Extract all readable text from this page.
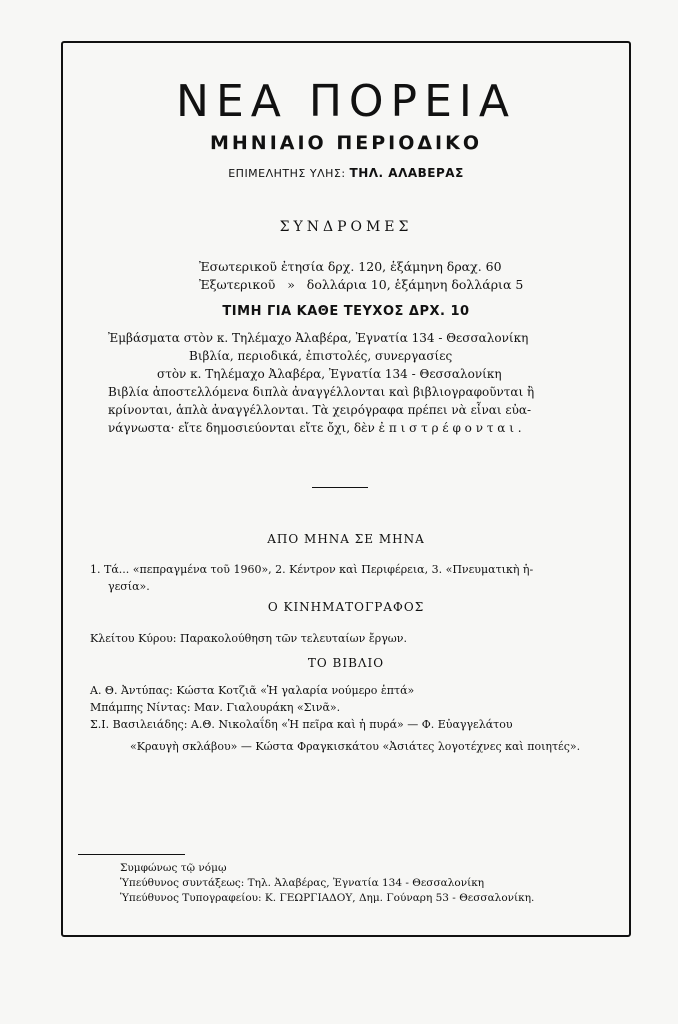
ΝΕΑ ΠΟΡΕΙΑ
ΜΗΝΙΑΙΟ ΠΕΡΙΟΔΙΚΟ
ΕΠΙΜΕΛΗΤΗΣ ΥΛΗΣ: ΤΗΛ. ΑΛΑΒΕΡΑΣ
ΣΥΝΔΡΟΜΕΣ
Ἐσωτερικοῦ ἐτησία δρχ. 120, ἑξάμηνη δραχ. 60
Ἐξωτερικοῦ   »   δολλάρια 10, ἑξάμηνη δολλάρια 5
ΤΙΜΗ ΓΙΑ ΚΑΘΕ ΤΕΥΧΟΣ ΔΡΧ. 10
Ἐμβάσματα στὸν κ. Τηλέμαχο Ἀλαβέρα, Ἐγνατία 134 - Θεσσαλονίκη
Βιβλία, περιοδικά, ἐπιστολές, συνεργασίες
στὸν κ. Τηλέμαχο Ἀλαβέρα, Ἐγνατία 134 - Θεσσαλονίκη
Βιβλία ἀποστελλόμενα διπλὰ ἀναγγέλλονται καὶ βιβλιογραφοῦνται ἢ
κρίνονται, ἁπλὰ ἀναγγέλλονται. Τὰ χειρόγραφα πρέπει νὰ εἶναι εὐα-
νάγνωστα· εἴτε δημοσιεύονται εἴτε ὄχι, δὲν ἐ π ι σ τ ρ έ φ ο ν τ α ι .
ΑΠΟ ΜΗΝΑ ΣΕ ΜΗΝΑ
1. Τά... «πεπραγμένα τοῦ 1960», 2. Κέντρον καὶ Περιφέρεια, 3. «Πνευματικὴ ἡ-
γεσία».
Ο ΚΙΝΗΜΑΤΟΓΡΑΦΟΣ
Κλείτου Κύρου: Παρακολούθηση τῶν τελευταίων ἔργων.
ΤΟ ΒΙΒΛΙΟ
Α. Θ. Ἀντύπας: Κώστα Κοτζιᾶ «Ἡ γαλαρία νούμερο ἑπτά»
Μπάμπης Νίντας: Μαν. Γιαλουράκη «Σινᾶ».
Σ.Ι. Βασιλειάδης: Α.Θ. Νικολαΐδη «Ἡ πεῖρα καὶ ἡ πυρά» — Φ. Εὐαγγελάτου
«Κραυγὴ σκλάβου» — Κώστα Φραγκισκάτου «Ἀσιάτες λογοτέχνες καὶ ποιητές».
Συμφώνως τῷ νόμῳ
Ὑπεύθυνος συντάξεως: Τηλ. Ἀλαβέρας, Ἐγνατία 134 - Θεσσαλονίκη
Ὑπεύθυνος Τυπογραφείου: Κ. ΓΕΩΡΓΙΑΔΟΥ, Δημ. Γούναρη 53 - Θεσσαλονίκη.
